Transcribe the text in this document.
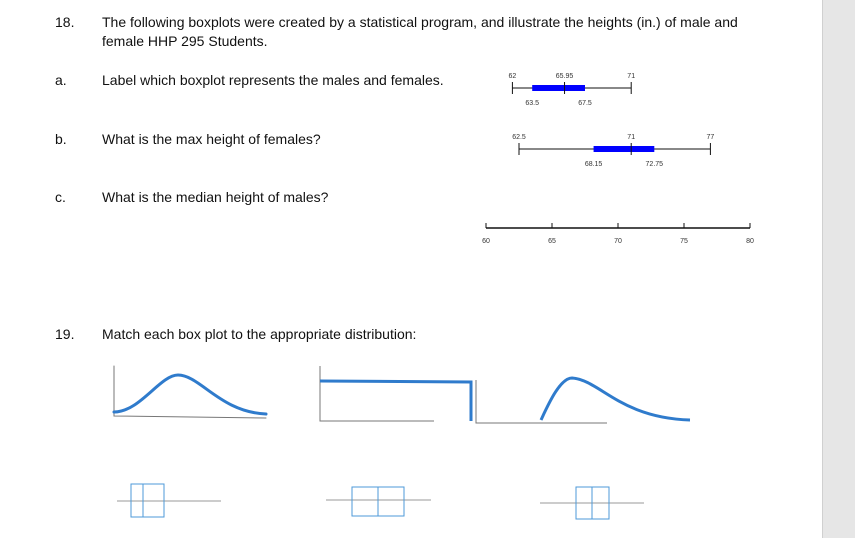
18. The following boxplots were created by a statistical program, and illustrate the heights (in.) of male and female HHP 295 Students.
a.	Label which boxplot represents the males and females.
b.	What is the max height of females?
c.	What is the median height of males?
19. Match each box plot to the appropriate distribution:
62	65.95	71
63.5	67.5
62.5	71	77
68.15	72.75
60	65	70	75	80
